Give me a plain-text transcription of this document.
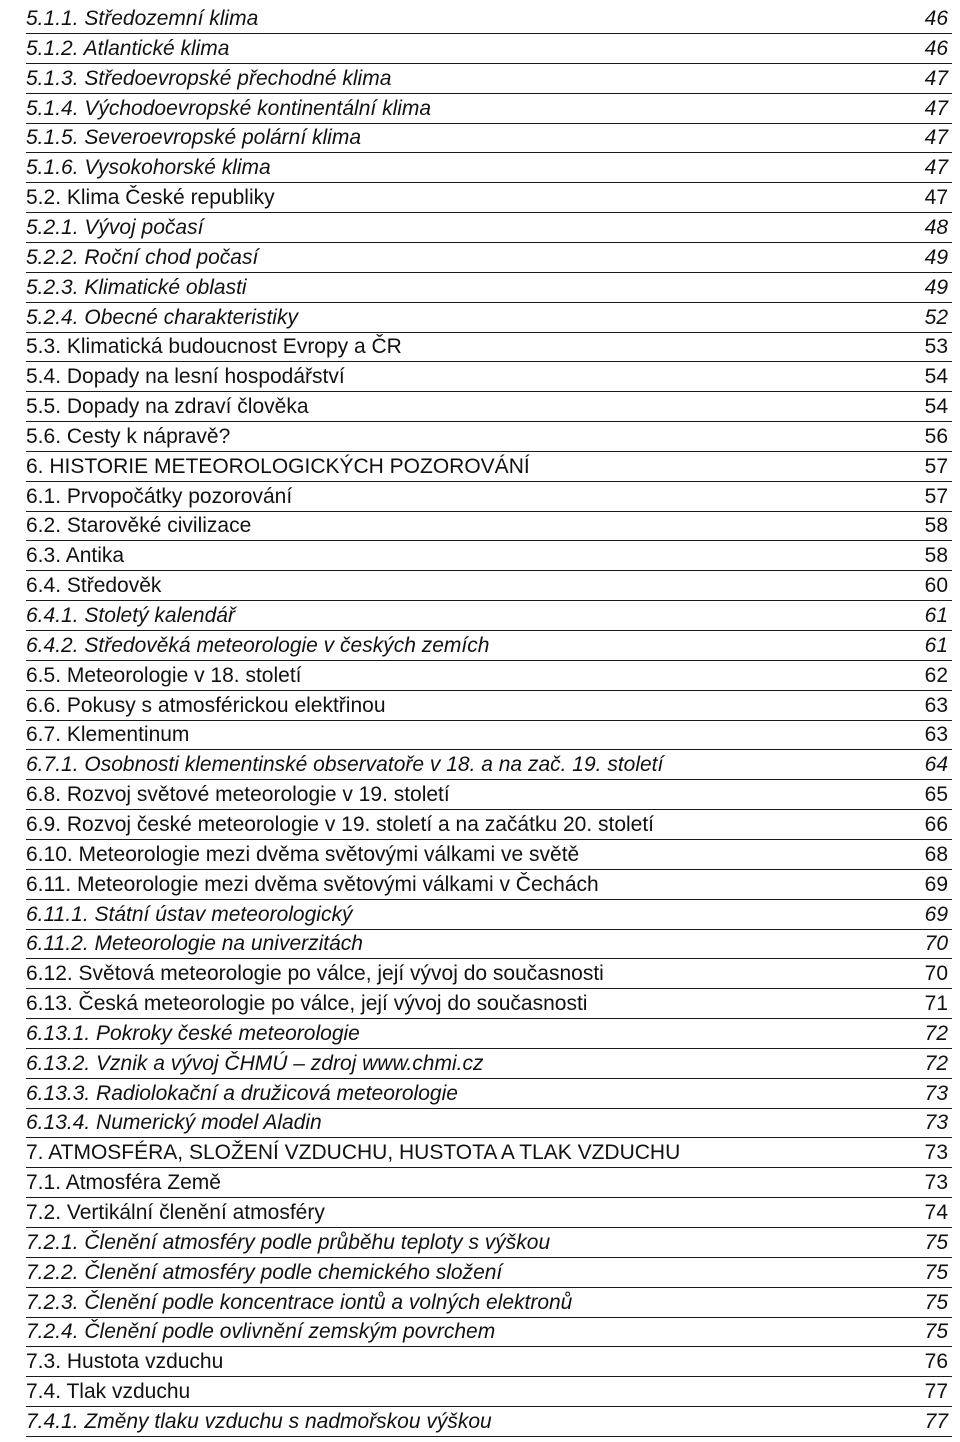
5.1.1. Středozemní klima	46
5.1.2. Atlantické klima	46
5.1.3. Středoevropské přechodné klima	47
5.1.4. Východoevropské kontinentální klima	47
5.1.5. Severoevropské polární klima	47
5.1.6. Vysokohorské klima	47
5.2. Klima České republiky	47
5.2.1. Vývoj počasí	48
5.2.2. Roční chod počasí	49
5.2.3. Klimatické oblasti	49
5.2.4. Obecné charakteristiky	52
5.3. Klimatická budoucnost Evropy a ČR	53
5.4. Dopady na lesní hospodářství	54
5.5. Dopady na zdraví člověka	54
5.6. Cesty k nápravě?	56
6. HISTORIE METEOROLOGICKÝCH POZOROVÁNÍ	57
6.1. Prvopočátky pozorování	57
6.2. Starověké civilizace	58
6.3. Antika	58
6.4. Středověk	60
6.4.1. Stoletý kalendář	61
6.4.2. Středověká meteorologie v českých zemích	61
6.5. Meteorologie v 18. století	62
6.6. Pokusy s atmosférickou elektřinou	63
6.7. Klementinum	63
6.7.1. Osobnosti klementinské observatoře v 18. a na zač. 19. století	64
6.8. Rozvoj světové meteorologie v 19. století	65
6.9. Rozvoj české meteorologie v 19. století a na začátku 20. století	66
6.10. Meteorologie mezi dvěma světovými válkami ve světě	68
6.11. Meteorologie mezi dvěma světovými válkami v Čechách	69
6.11.1. Státní ústav meteorologický	69
6.11.2. Meteorologie na univerzitách	70
6.12. Světová meteorologie po válce, její vývoj do současnosti	70
6.13. Česká meteorologie po válce, její vývoj do současnosti	71
6.13.1. Pokroky české meteorologie	72
6.13.2. Vznik a vývoj ČHMÚ – zdroj www.chmi.cz	72
6.13.3. Radiolokační a družicová meteorologie	73
6.13.4. Numerický model Aladin	73
7. ATMOSFÉRA, SLOŽENÍ VZDUCHU, HUSTOTA A TLAK VZDUCHU	73
7.1. Atmosféra Země	73
7.2. Vertikální členění atmosféry	74
7.2.1. Členění atmosféry podle průběhu teploty s výškou	75
7.2.2. Členění atmosféry podle chemického složení	75
7.2.3. Členění podle koncentrace iontů a volných elektronů	75
7.2.4. Členění podle ovlivnění zemským povrchem	75
7.3. Hustota vzduchu	76
7.4. Tlak vzduchu	77
7.4.1. Změny tlaku vzduchu s nadmořskou výškou	77
